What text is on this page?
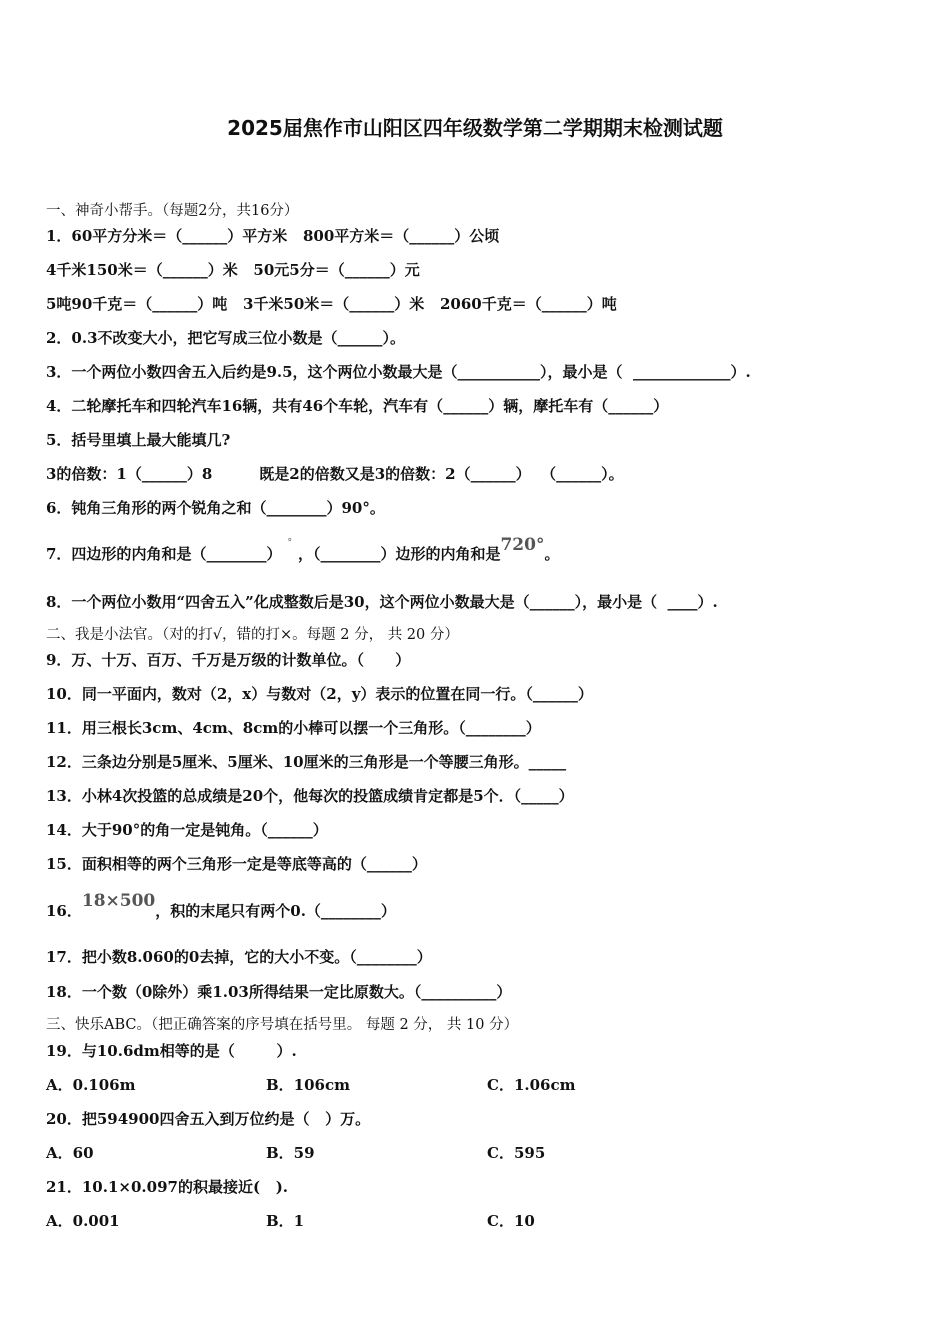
2025届焦作市山阳区四年级数学第二学期期末检测试题
一、神奇小帮手。（每题2分，共16分）
1．60平方分米＝（______）平方米   800平方米＝（______）公顷
4千米150米＝（______）米   50元5分＝（______）元
5吨90千克＝（______）吨   3千米50米＝（______）米   2060千克＝（______）吨
2．0.3不改变大小，把它写成三位小数是（______）。
3．一个两位小数四舍五入后约是9.5，这个两位小数最大是（___________），最小是（  _____________）.
4．二轮摩托车和四轮汽车16辆，共有46个车轮，汽车有（______）辆，摩托车有（______）
5．括号里填上最大能填几?
3的倍数：1（______）8         既是2的倍数又是3的倍数：2（______）  （______）。
6．钝角三角形的两个锐角之和（________）90°。
7．四边形的内角和是（________）°，（________）边形的内角和是720°。
8．一个两位小数用“四舍五入”化成整数后是30，这个两位小数最大是（______），最小是（  ____）.
二、我是小法官。（对的打√，错的打×。每题 2 分， 共 20 分）
9．万、十万、百万、千万是万级的计数单位。（      ）
10．同一平面内，数对（2，x）与数对（2，y）表示的位置在同一行。（______）
11．用三根长3cm、4cm、8cm的小棒可以摆一个三角形。（________）
12．三条边分别是5厘米、5厘米、10厘米的三角形是一个等腰三角形。_____
13．小林4次投篮的总成绩是20个，他每次的投篮成绩肯定都是5个．（_____）
14．大于90°的角一定是钝角。（______）
15．面积相等的两个三角形一定是等底等高的（______）
16．18×500，积的末尾只有两个0.（________）
17．把小数8.060的0去掉，它的大小不变。（________）
18．一个数（0除外）乘1.03所得结果一定比原数大。（__________）
三、快乐ABC。（把正确答案的序号填在括号里。 每题 2 分， 共 10 分）
19．与10.6dm相等的是（        ）.
A．0.106m	B．106cm	C．1.06cm
20．把594900四舍五入到万位约是（   ）万。
A．60	B．59	C．595
21．10.1×0.097的积最接近(   ).
A．0.001	B．1	C．10
